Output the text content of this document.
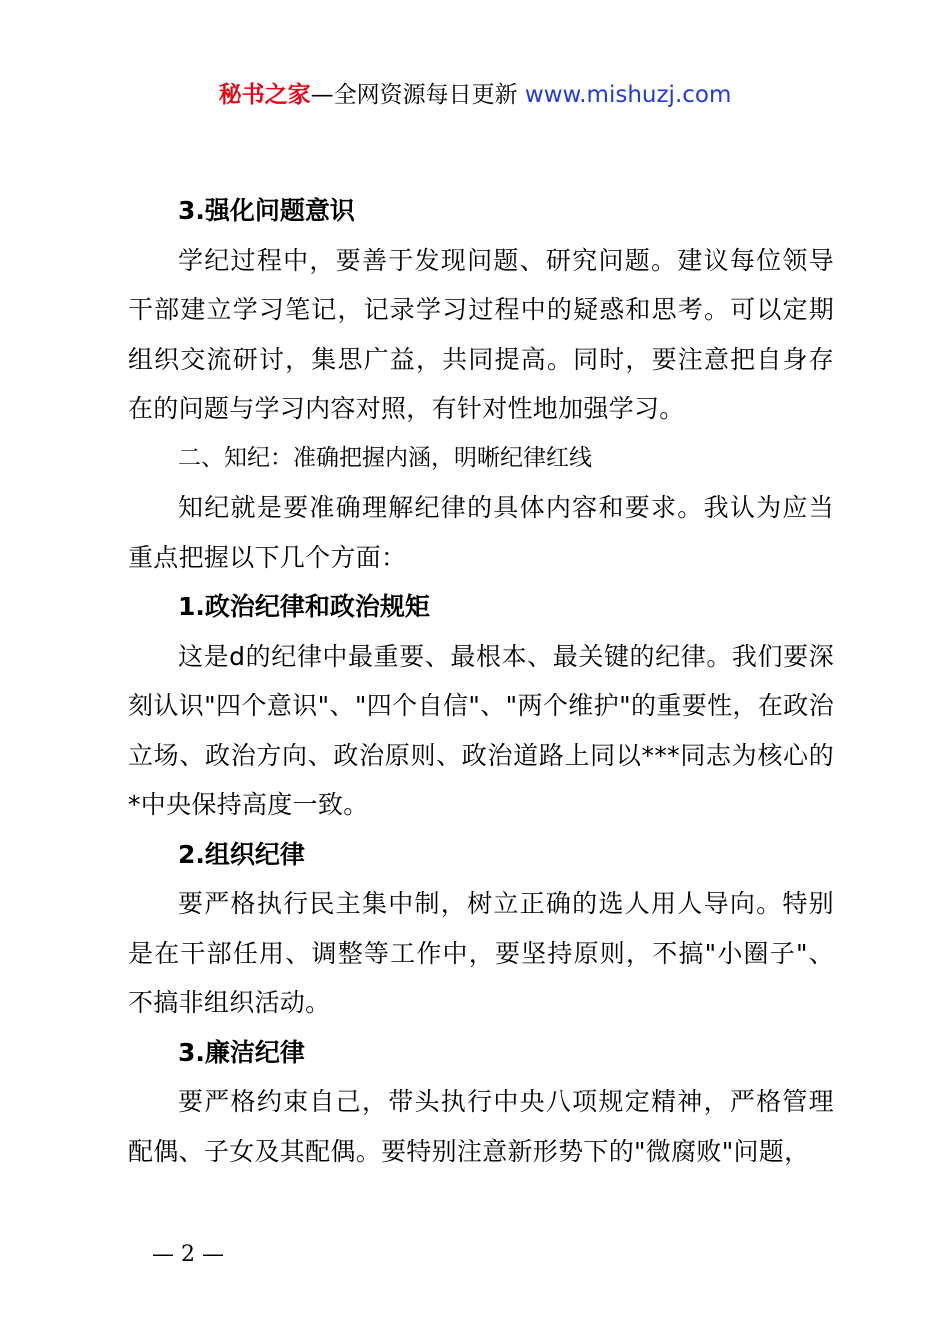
秘书之家—全网资源每日更新 www.mishuzj.com

3.强化问题意识

学纪过程中，要善于发现问题、研究问题。建议每位领导干部建立学习笔记，记录学习过程中的疑惑和思考。可以定期组织交流研讨，集思广益，共同提高。同时，要注意把自身存在的问题与学习内容对照，有针对性地加强学习。

二、知纪：准确把握内涵，明晰纪律红线

知纪就是要准确理解纪律的具体内容和要求。我认为应当重点把握以下几个方面：

1.政治纪律和政治规矩

这是d的纪律中最重要、最根本、最关键的纪律。我们要深刻认识"四个意识"、"四个自信"、"两个维护"的重要性，在政治立场、政治方向、政治原则、政治道路上同以***同志为核心的*中央保持高度一致。

2.组织纪律

要严格执行民主集中制，树立正确的选人用人导向。特别是在干部任用、调整等工作中，要坚持原则，不搞"小圈子"、不搞非组织活动。

3.廉洁纪律

要严格约束自己，带头执行中央八项规定精神，严格管理配偶、子女及其配偶。要特别注意新形势下的"微腐败"问题，

— 2 —
